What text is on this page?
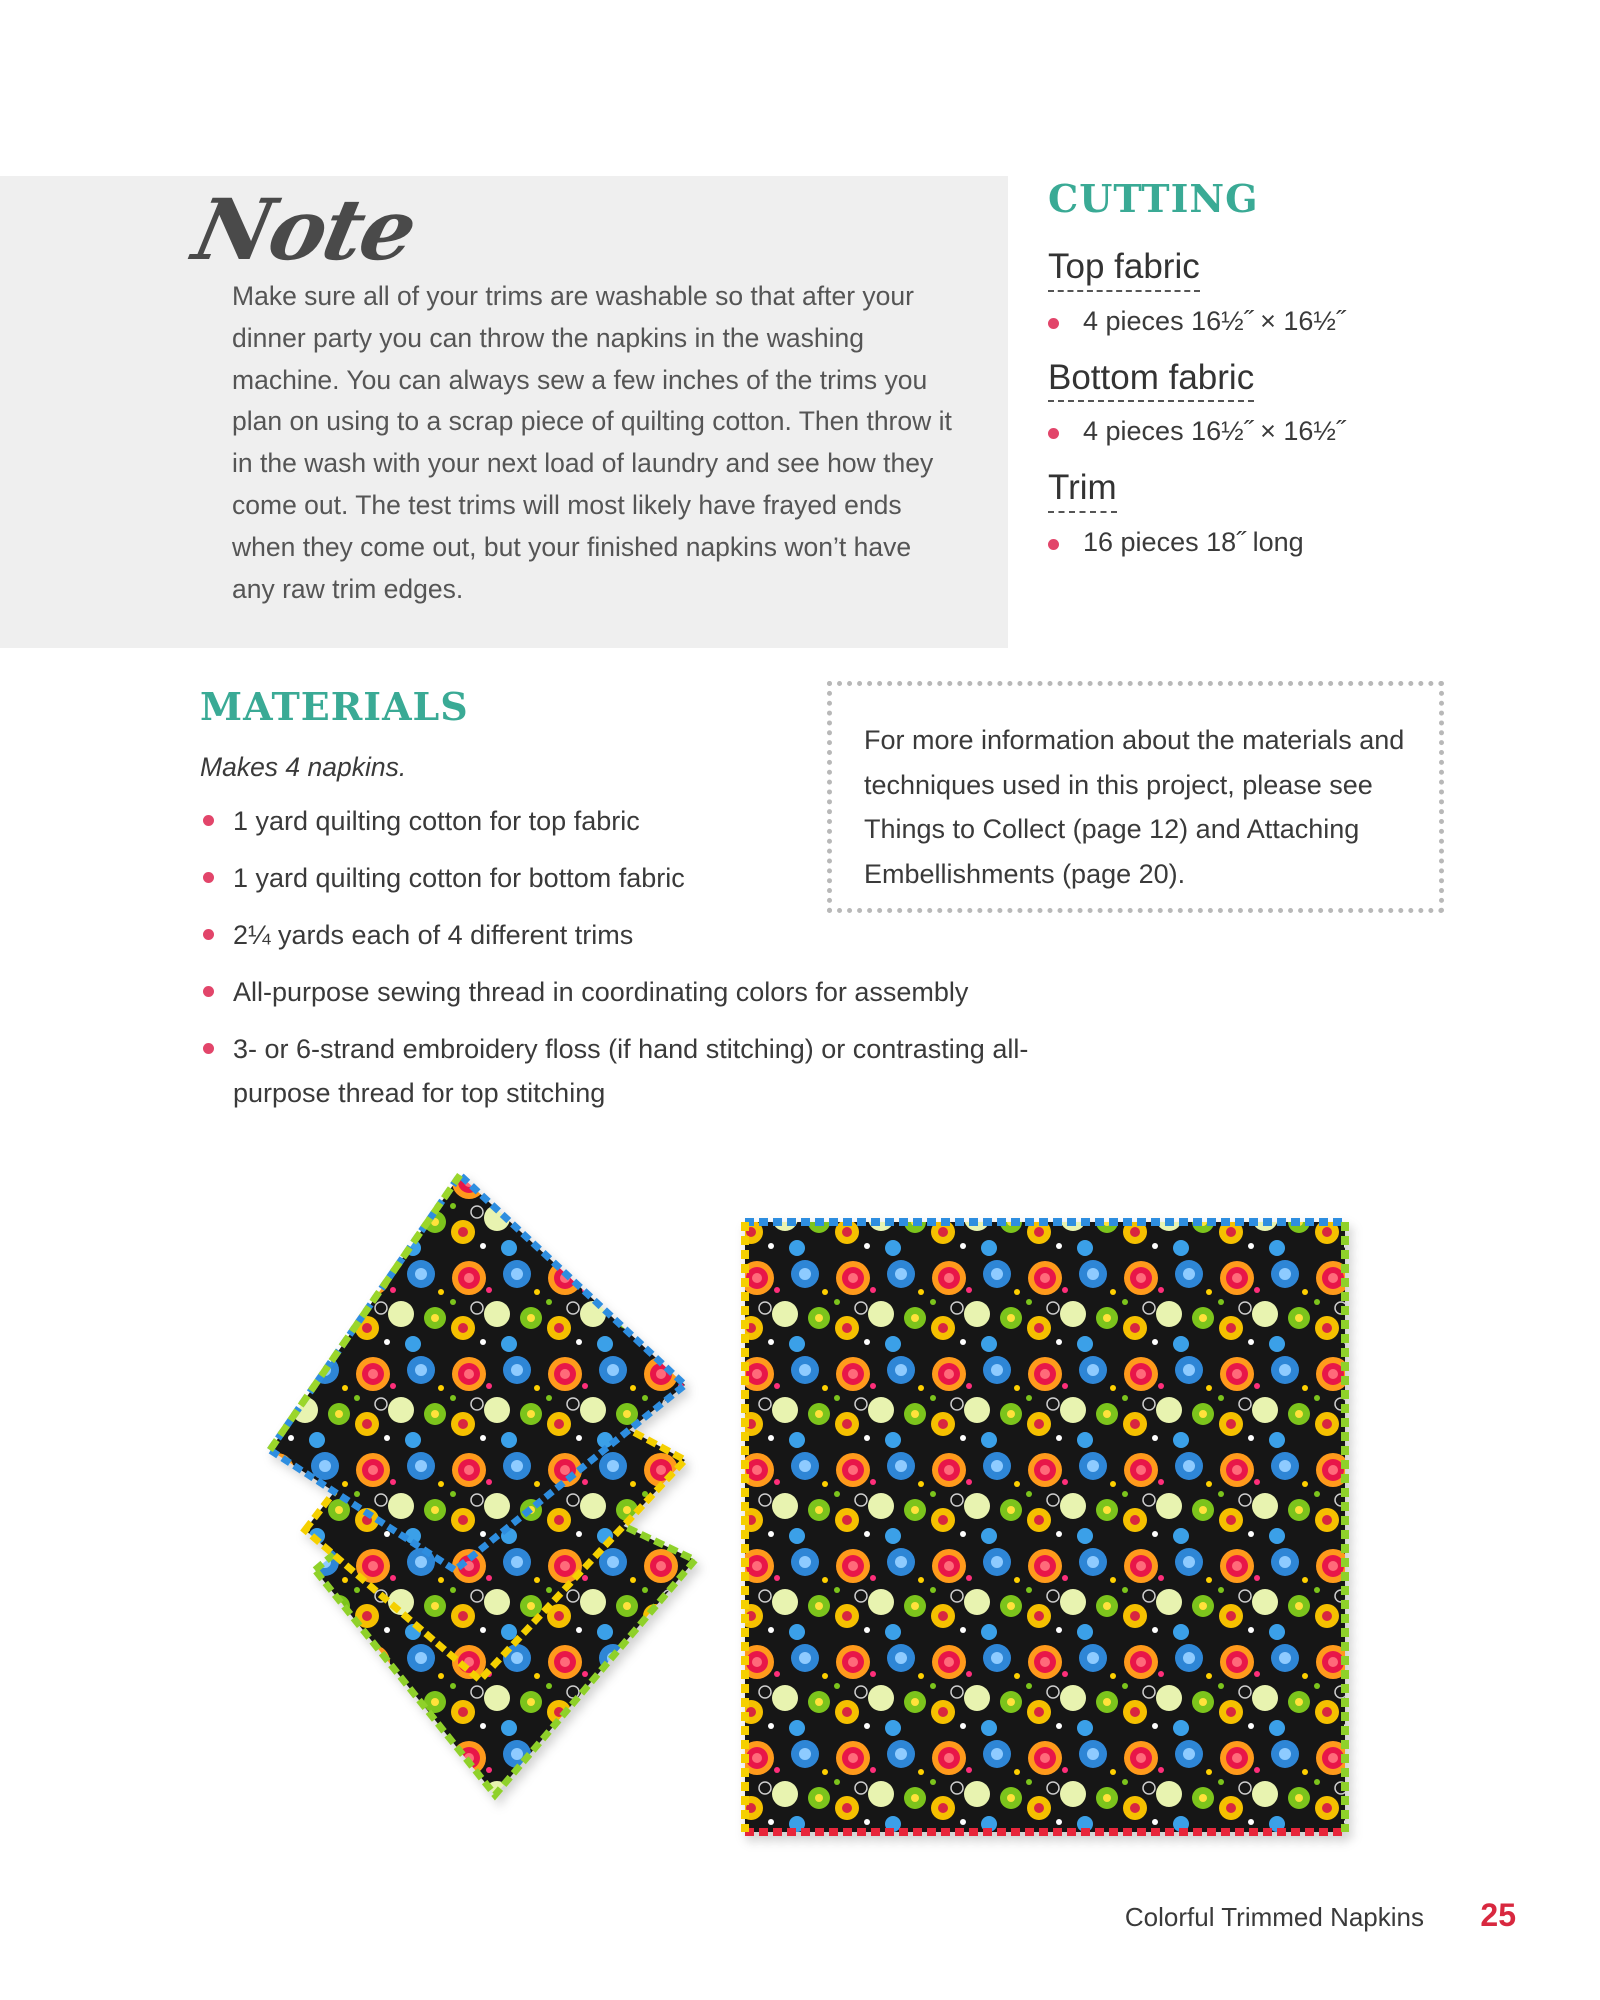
Note

Make sure all of your trims are washable so that after your dinner party you can throw the napkins in the washing machine. You can always sew a few inches of the trims you plan on using to a scrap piece of quilting cotton. Then throw it in the wash with your next load of laundry and see how they come out. The test trims will most likely have frayed ends when they come out, but your finished napkins won’t have any raw trim edges.

CUTTING
Top fabric
4 pieces 16½˝ × 16½˝
Bottom fabric
4 pieces 16½˝ × 16½˝
Trim
16 pieces 18˝ long
MATERIALS

Makes 4 napkins.

1 yard quilting cotton for top fabric
1 yard quilting cotton for bottom fabric
2¼ yards each of 4 different trims
All-purpose sewing thread in coordinating colors for assembly
3- or 6-strand embroidery floss (if hand stitching) or contrasting all-purpose thread for top stitching

For more information about the materials and techniques used in this project, please see Things to Collect (page 12) and Attaching Embellishments (page 20).

Colorful Trimmed Napkins 25
